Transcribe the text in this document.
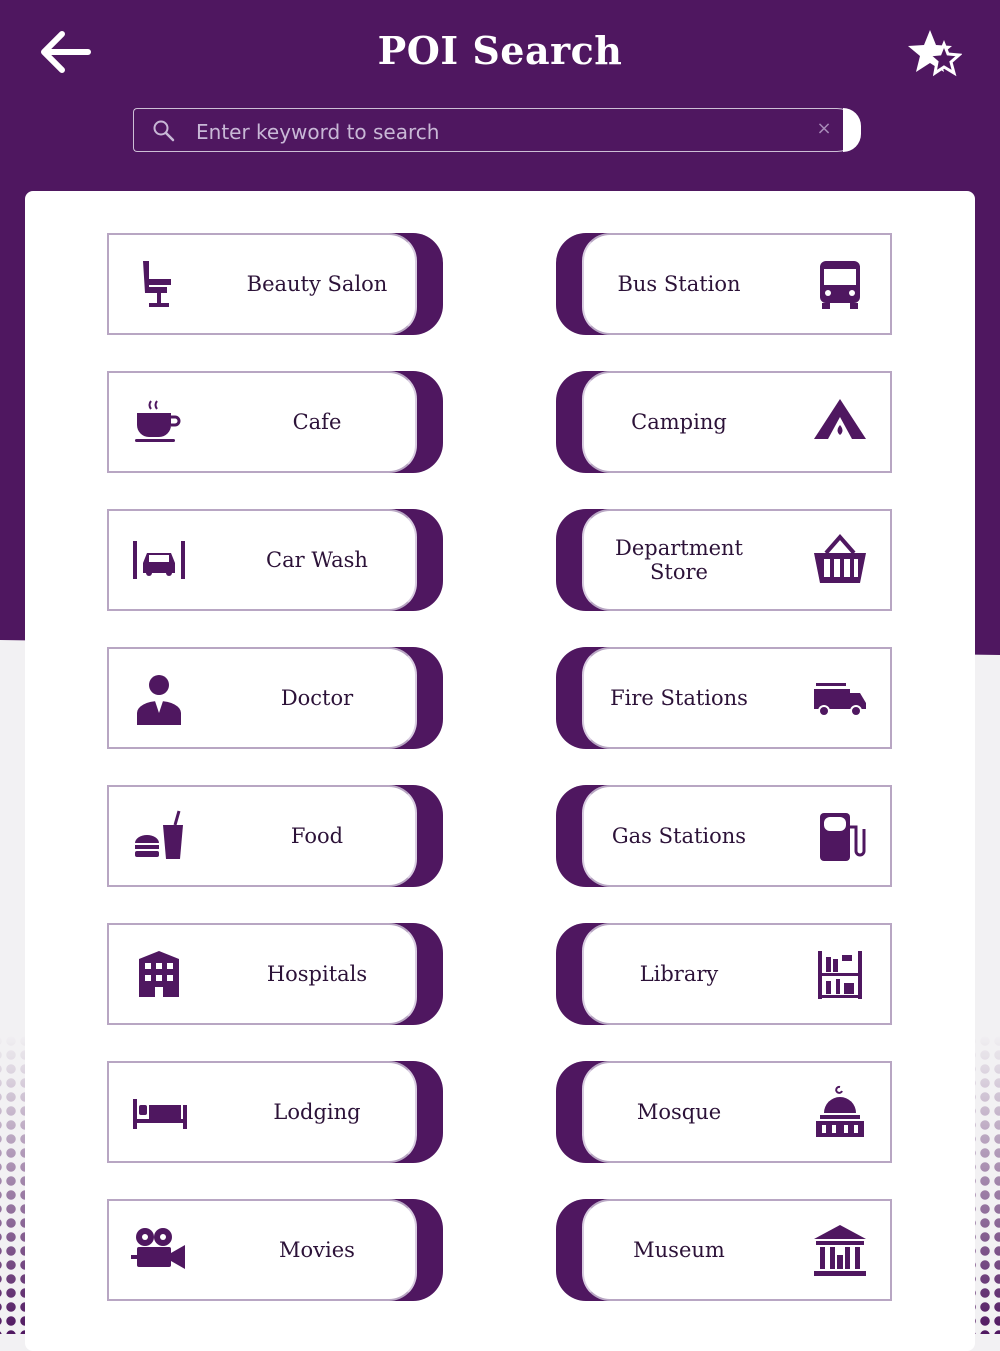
POI Search
Enter keyword to search
×
Beauty Salon	Bus Station
Cafe	Camping
Car Wash	Department Store
Doctor	Fire Stations
Food	Gas Stations
Hospitals	Library
Lodging	Mosque
Movies	Museum
